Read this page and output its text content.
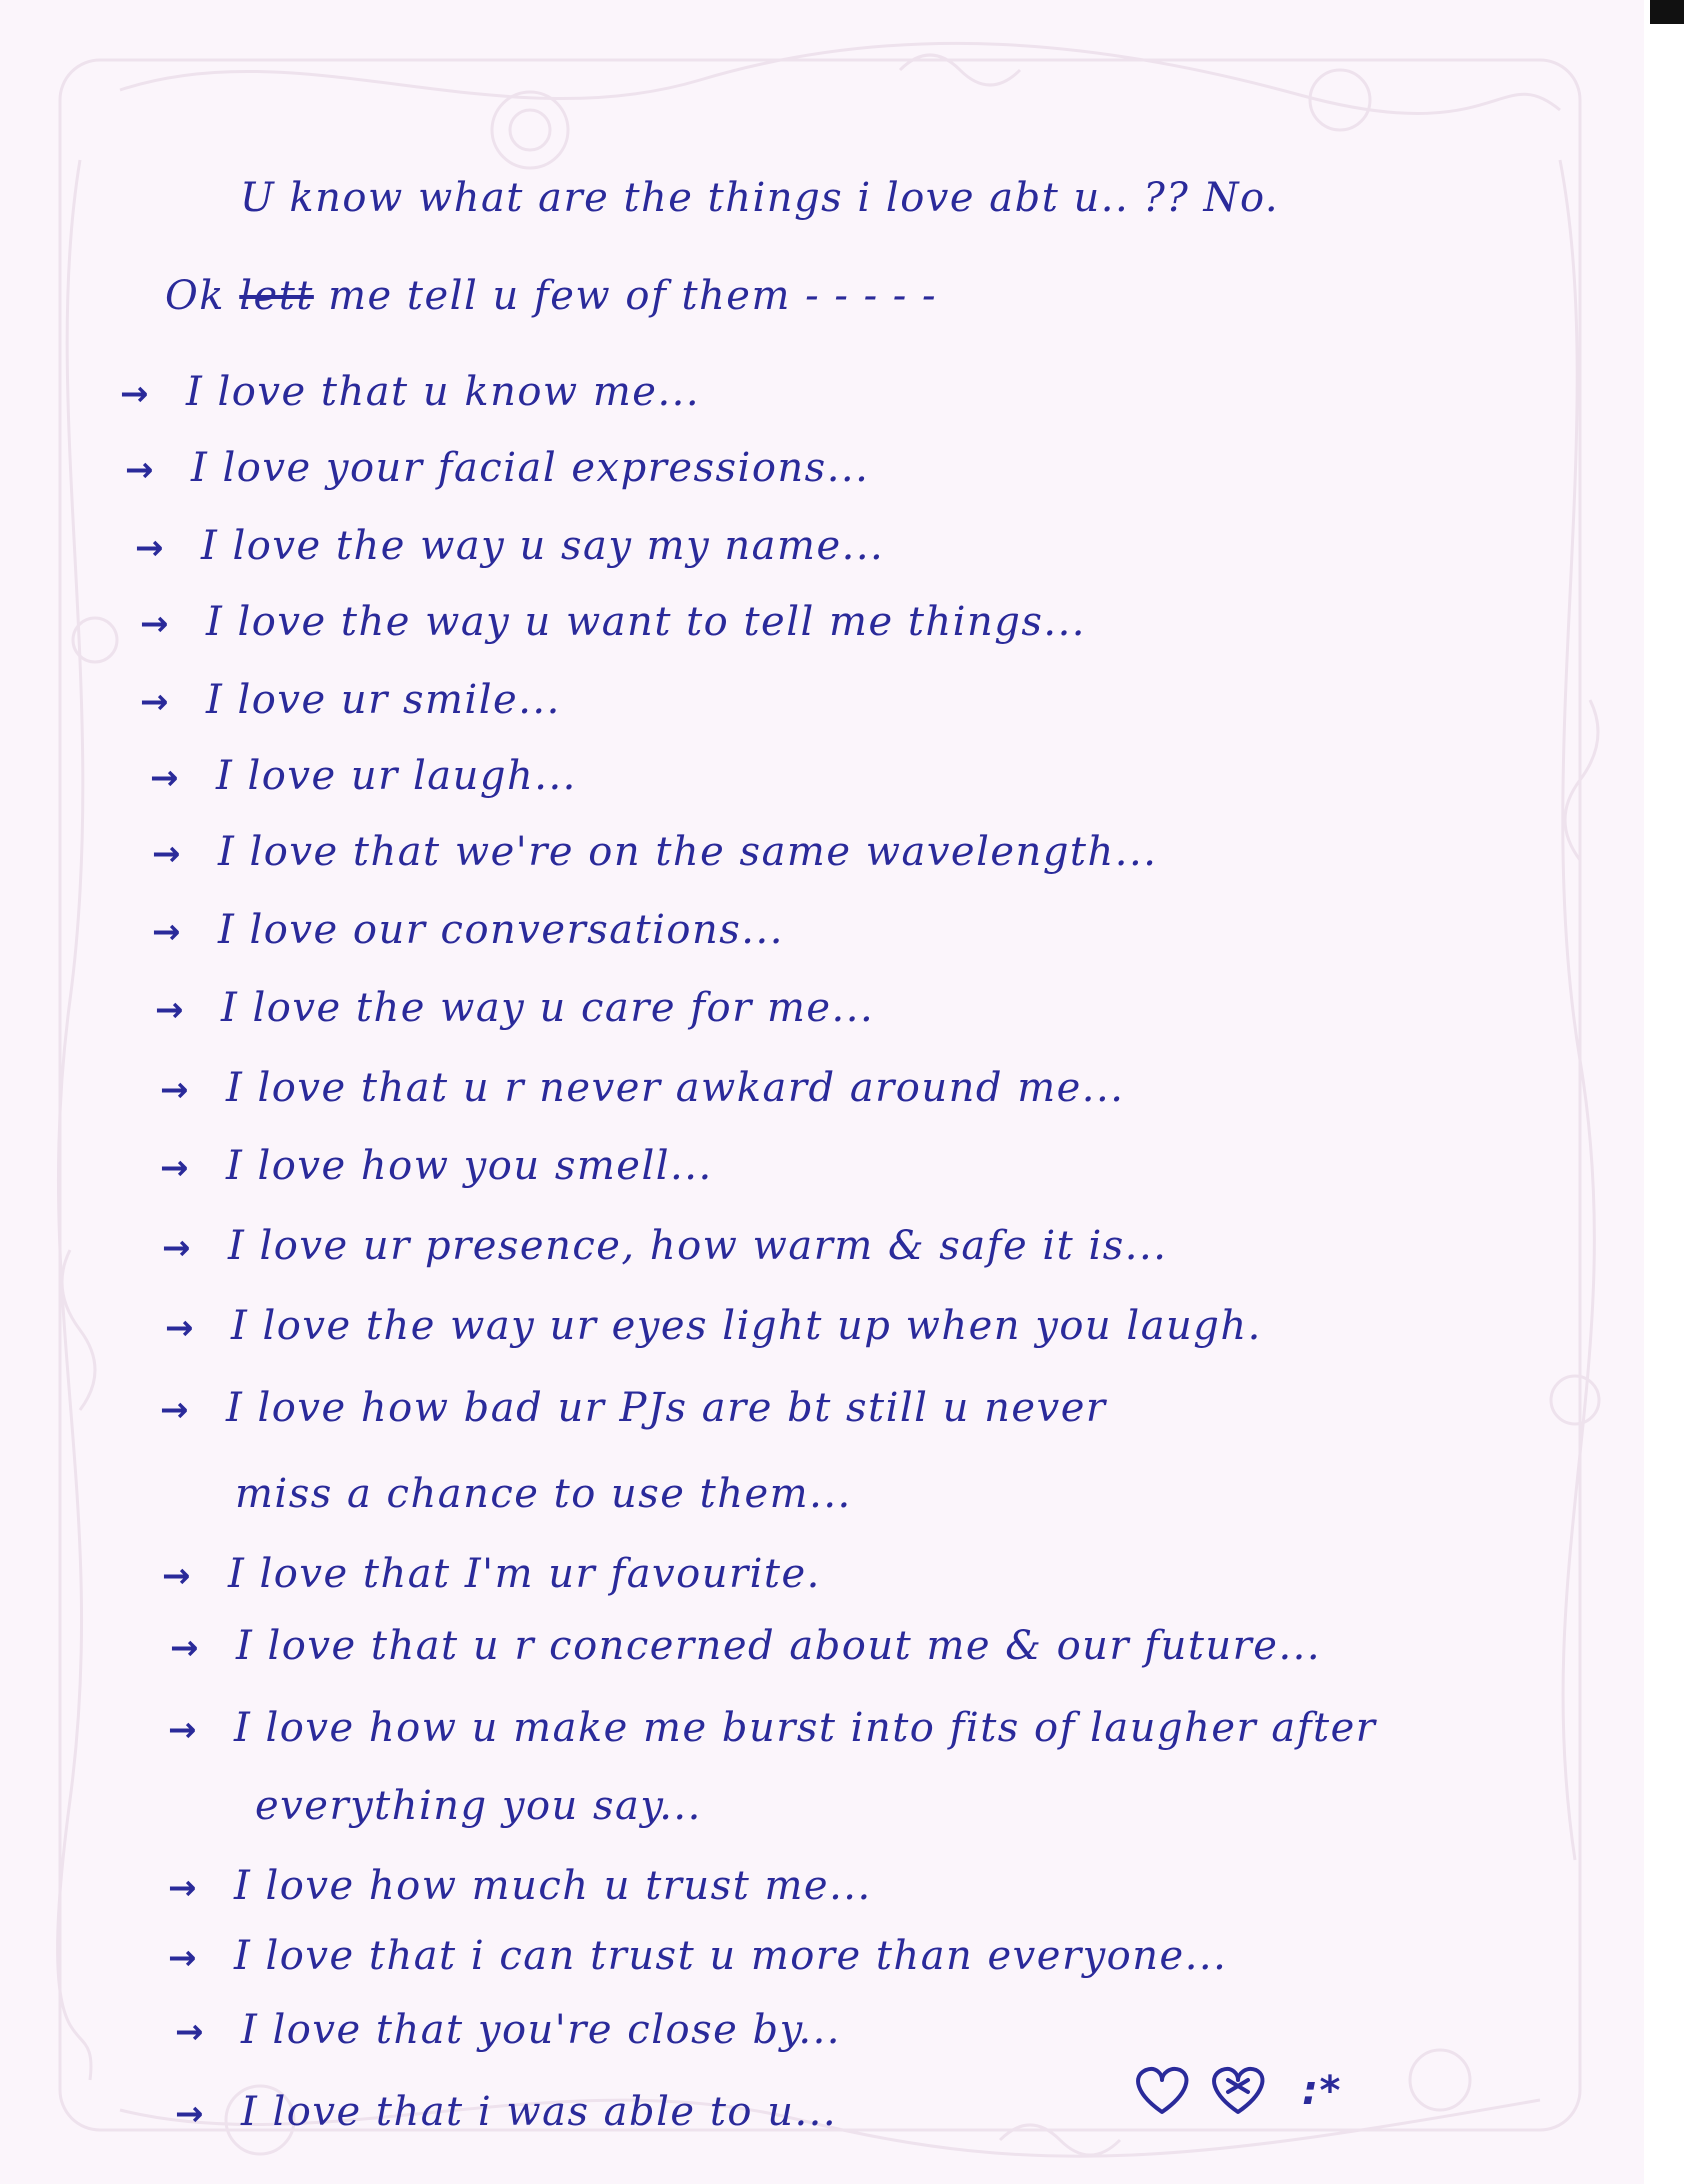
U know what are the things i love abt u.. ?? No.
Ok lett me tell u few of them - - - - -
→ I love that u know me...
→ I love your facial expressions...
→ I love the way u say my name...
→ I love the way u want to tell me things...
→ I love ur smile...
→ I love ur laugh...
→ I love that we're on the same wavelength...
→ I love our conversations...
→ I love the way u care for me...
→ I love that u r never awkard around me...
→ I love how you smell...
→ I love ur presence, how warm & safe it is...
→ I love the way ur eyes light up when you laugh.
→ I love how bad ur PJs are bt still u never
miss a chance to use them...
→ I love that I'm ur favourite.
→ I love that u r concerned about me & our future...
→ I love how u make me burst into fits of laugher after
everything you say...
→ I love how much u trust me...
→ I love that i can trust u more than everyone...
→ I love that you're close by...
→ I love that i was able to u...	:*
